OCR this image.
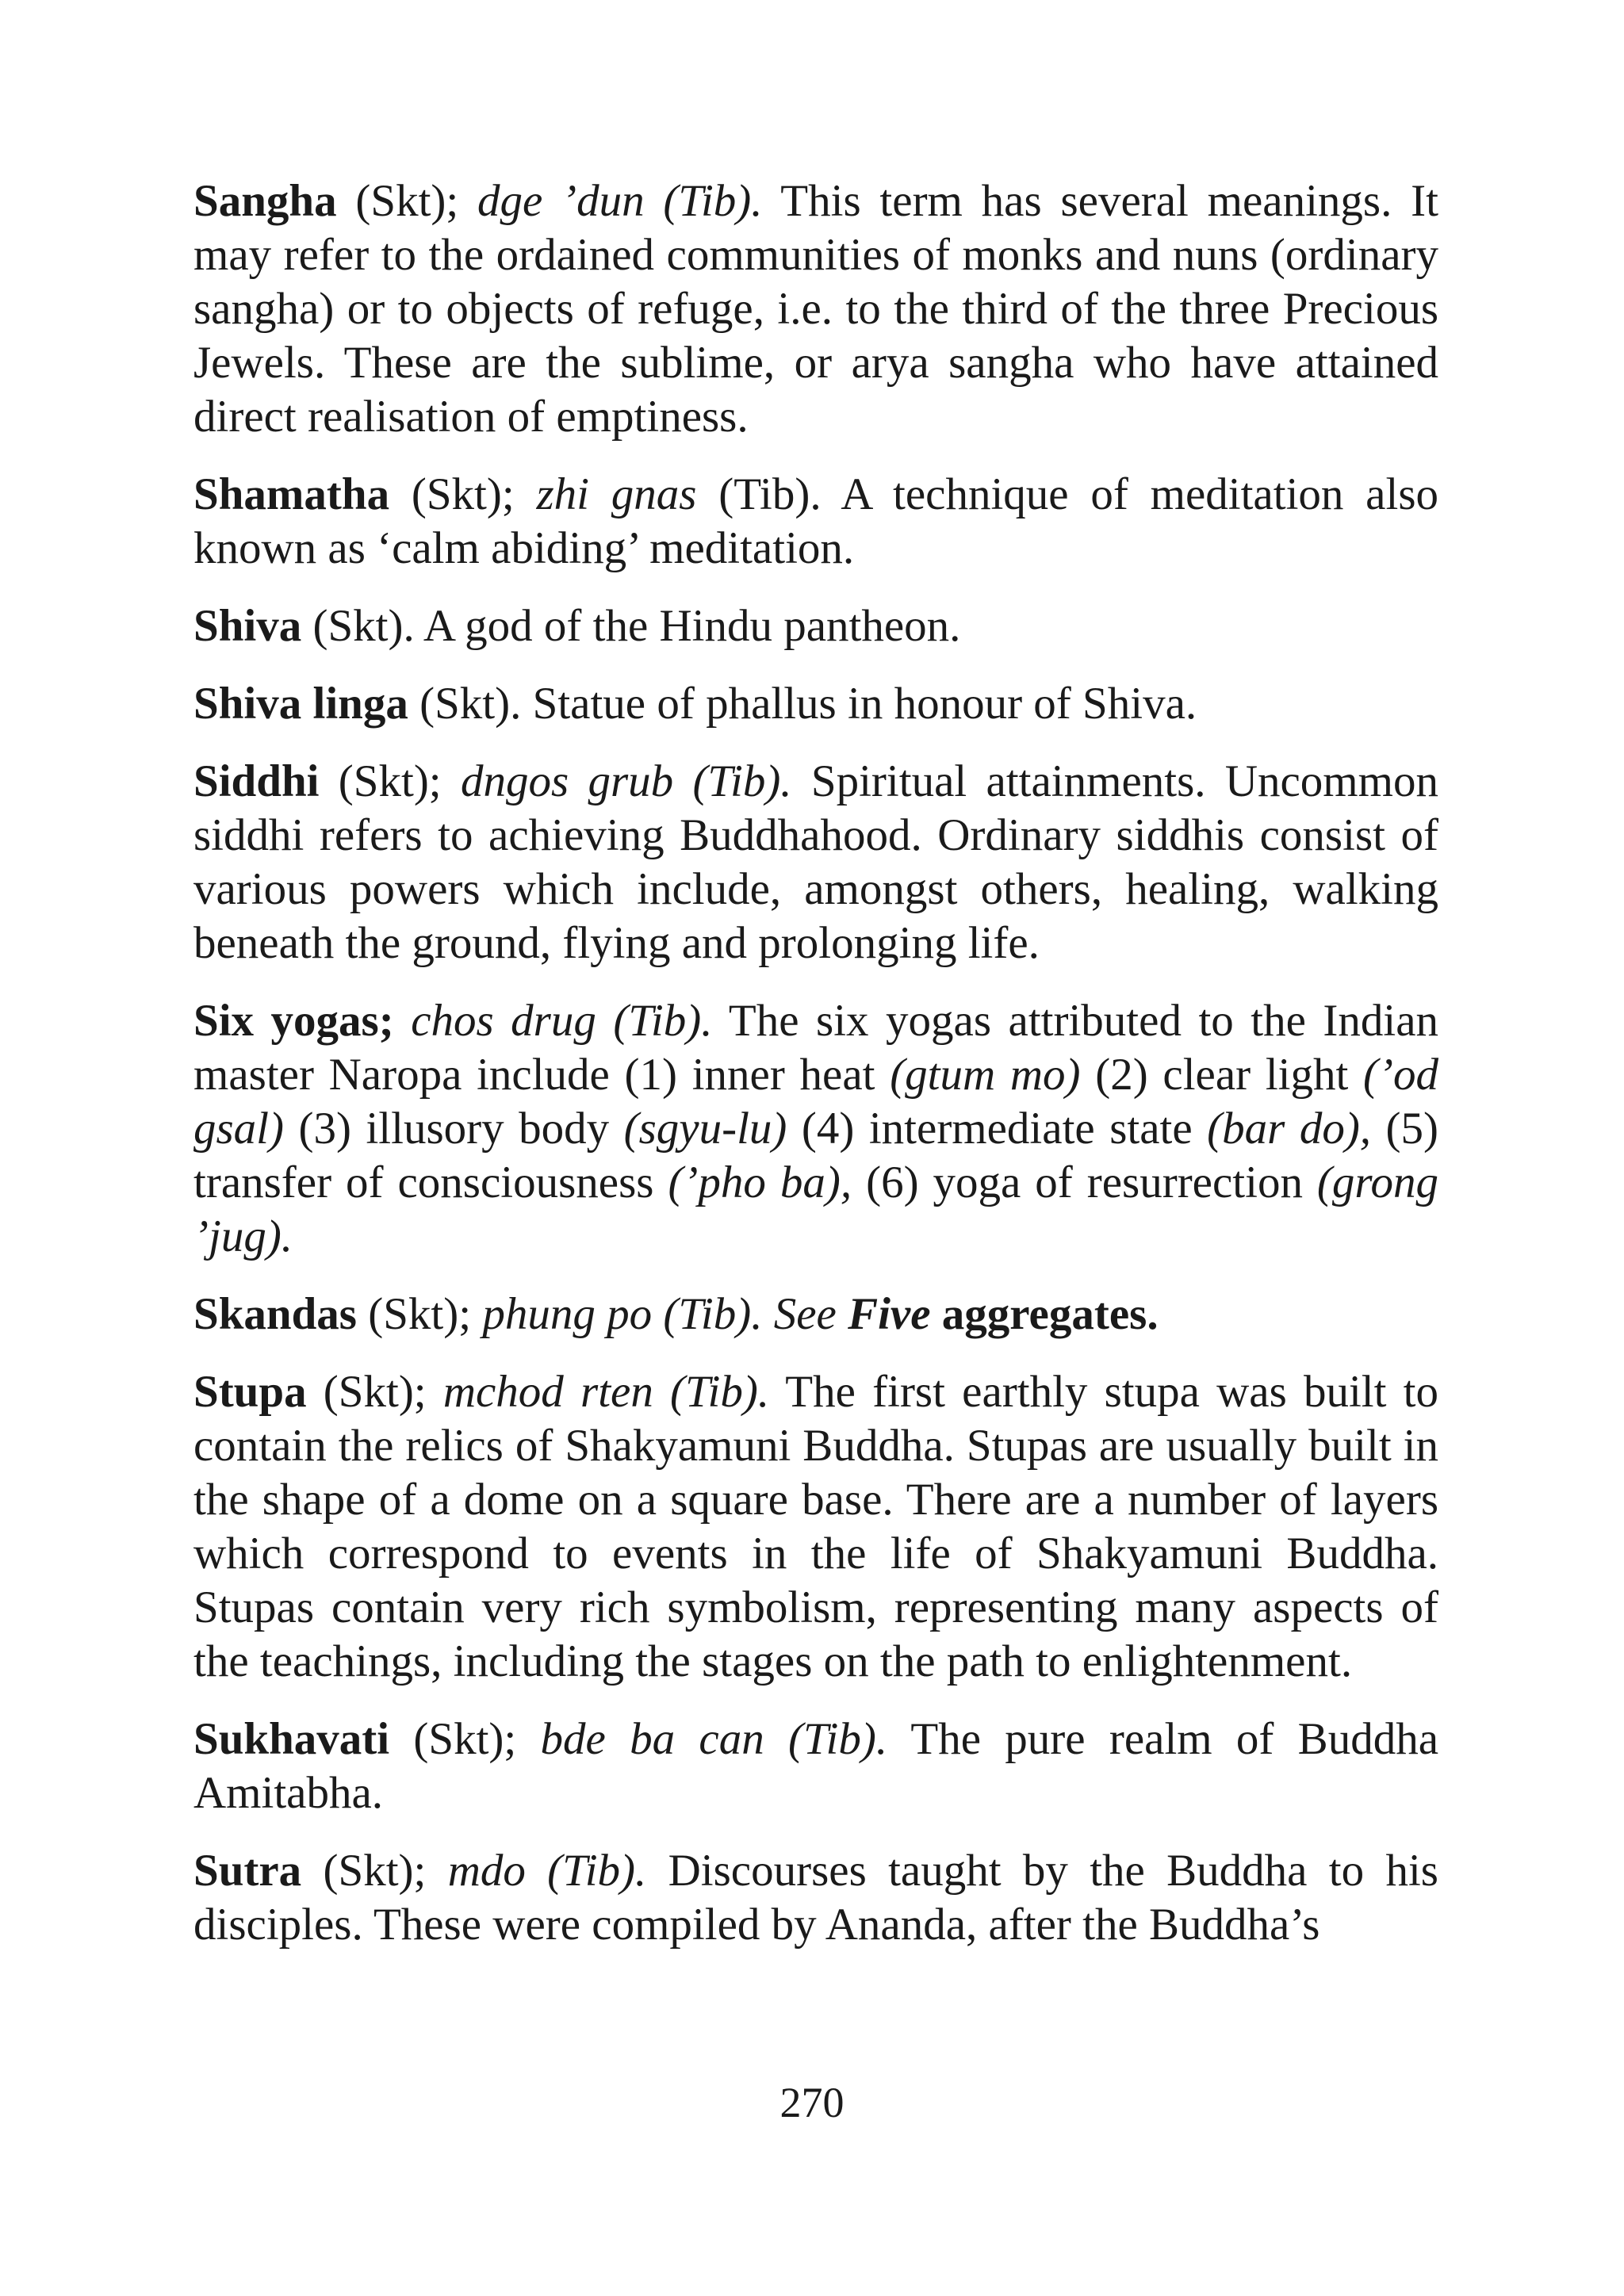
Sangha (Skt); dge ’dun (Tib). This term has several meanings. It may refer to the ordained communities of monks and nuns (ordinary sangha) or to objects of refuge, i.e. to the third of the three Precious Jewels. These are the sublime, or arya sangha who have attained direct realisation of emptiness.

Shamatha (Skt); zhi gnas (Tib). A technique of meditation also known as ‘calm abiding’ meditation.

Shiva (Skt). A god of the Hindu pantheon.

Shiva linga (Skt). Statue of phallus in honour of Shiva.

Siddhi (Skt); dngos grub (Tib). Spiritual attainments. Uncommon siddhi refers to achieving Buddhahood. Ordinary siddhis consist of various powers which include, amongst others, healing, walking beneath the ground, flying and prolonging life.

Six yogas; chos drug (Tib). The six yogas attributed to the Indian master Naropa include (1) inner heat (gtum mo) (2) clear light (’od gsal) (3) illusory body (sgyu-lu) (4) intermediate state (bar do), (5) transfer of consciousness (’pho ba), (6) yoga of resurrection (grong ’jug).

Skandas (Skt); phung po (Tib). See Five aggregates.

Stupa (Skt); mchod rten (Tib). The first earthly stupa was built to contain the relics of Shakyamuni Buddha. Stupas are usually built in the shape of a dome on a square base. There are a number of layers which correspond to events in the life of Shakyamuni Buddha. Stupas contain very rich symbolism, representing many aspects of the teachings, including the stages on the path to enlightenment.

Sukhavati (Skt); bde ba can (Tib). The pure realm of Buddha Amitabha.

Sutra (Skt); mdo (Tib). Discourses taught by the Buddha to his disciples. These were compiled by Ananda, after the Buddha’s

270
